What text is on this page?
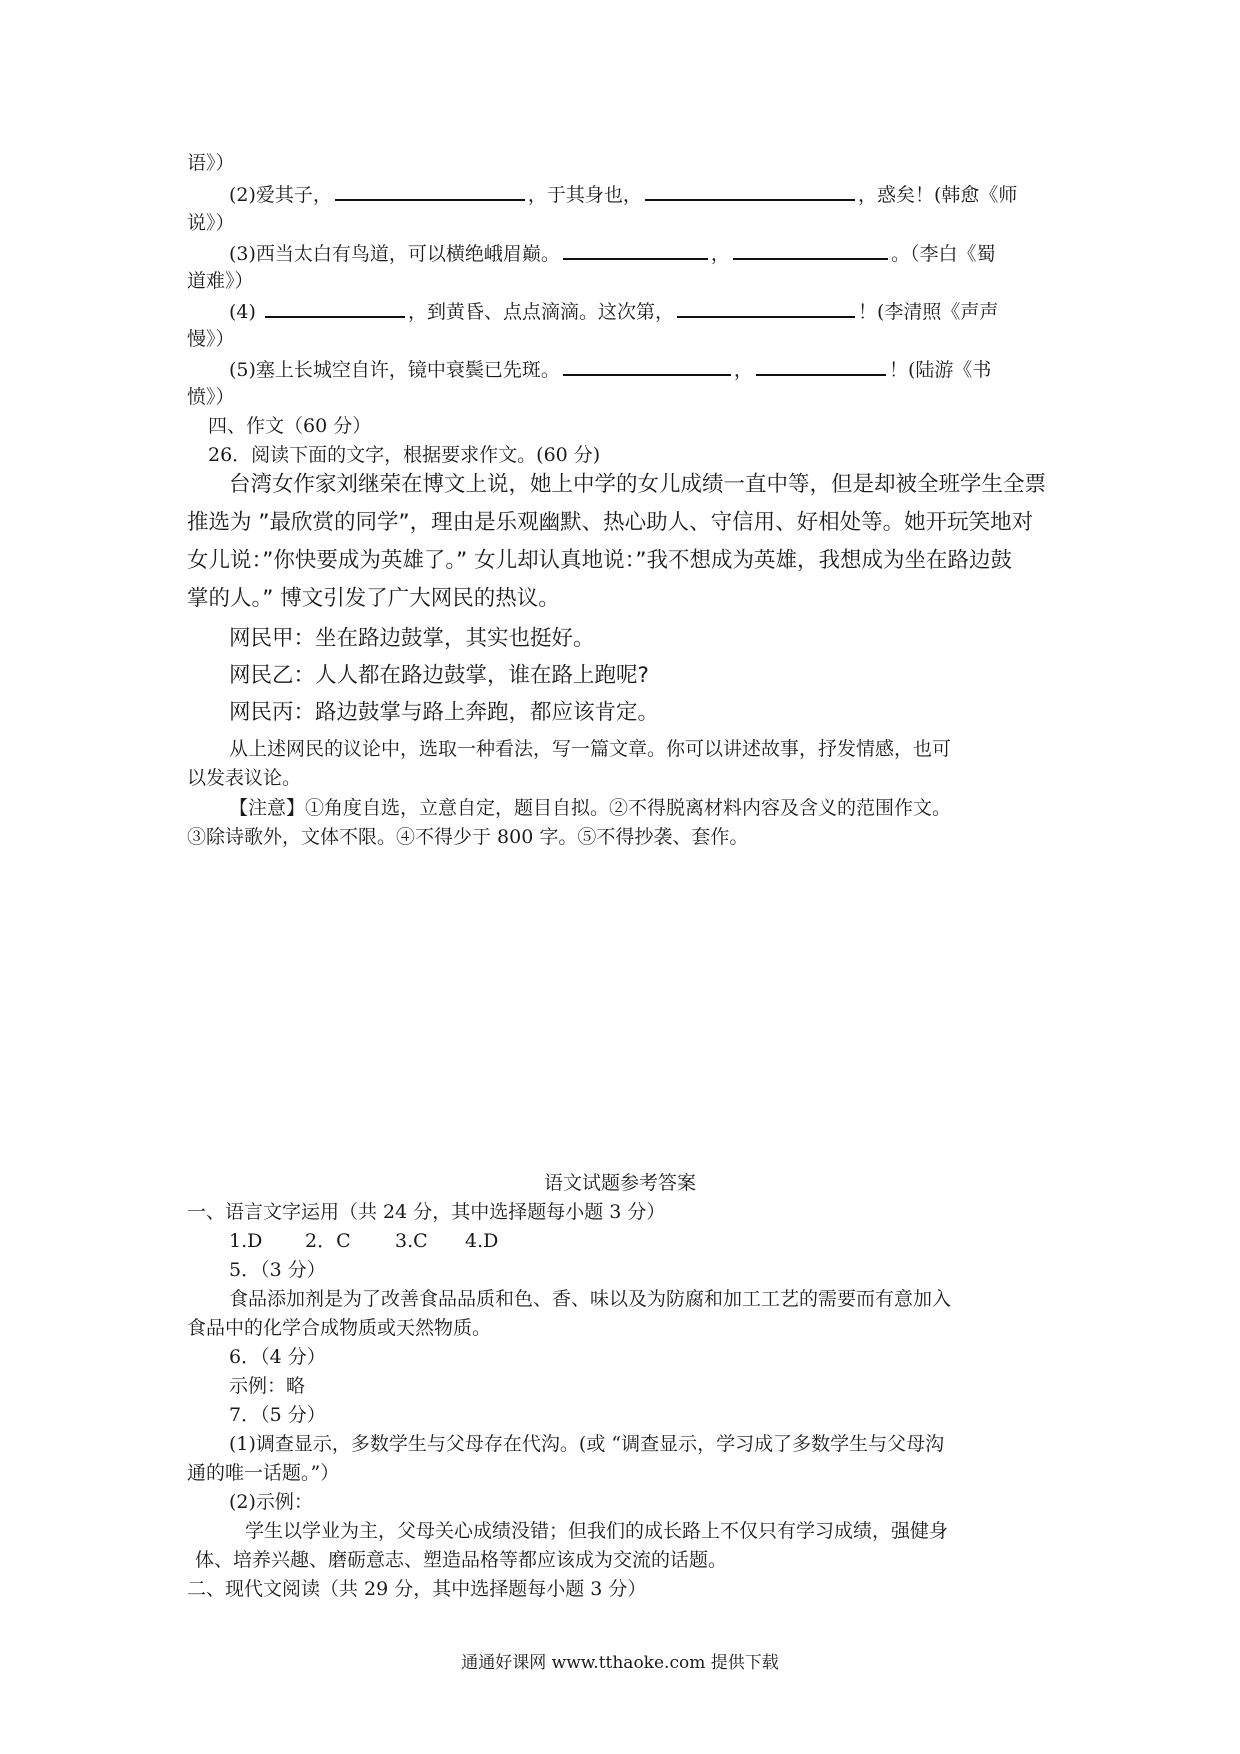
语》）
(2)爱其子，	，于其身也，	，惑矣！(韩愈《师
说》）
(3)西当太白有鸟道，可以横绝峨眉巅。	，	。（李白《蜀
道难》）
(4)	，到黄昏、点点滴滴。这次第，	！(李清照《声声
慢》）
(5)塞上长城空自许，镜中衰鬓已先斑。	，	！(陆游《书
愤》）
四、作文（60 分）
26．阅读下面的文字，根据要求作文。(60 分)
台湾女作家刘继荣在博文上说，她上中学的女儿成绩一直中等，但是却被全班学生全票
推选为 ”最欣赏的同学”，理由是乐观幽默、热心助人、守信用、好相处等。她开玩笑地对
女儿说：”你快要成为英雄了。” 女儿却认真地说：”我不想成为英雄，我想成为坐在路边鼓
掌的人。” 博文引发了广大网民的热议。
网民甲：坐在路边鼓掌，其实也挺好。
网民乙：人人都在路边鼓掌，谁在路上跑呢?
网民丙：路边鼓掌与路上奔跑，都应该肯定。
从上述网民的议论中，选取一种看法，写一篇文章。你可以讲述故事，抒发情感，也可
以发表议论。
【注意】①角度自选，立意自定，题目自拟。②不得脱离材料内容及含义的范围作文。
③除诗歌外，文体不限。④不得少于 800 字。⑤不得抄袭、套作。
语文试题参考答案
一、语言文字运用（共 24 分，其中选择题每小题 3 分）
1.D 2．C 3.C 4.D
5．（3 分）
食品添加剂是为了改善食品品质和色、香、味以及为防腐和加工工艺的需要而有意加入
食品中的化学合成物质或天然物质。
6．（4 分）
示例：略
7．（5 分）
(1)调查显示，多数学生与父母存在代沟。(或 “调查显示，学习成了多数学生与父母沟
通的唯一话题。”）
(2)示例：
学生以学业为主，父母关心成绩没错；但我们的成长路上不仅只有学习成绩，强健身
体、培养兴趣、磨砺意志、塑造品格等都应该成为交流的话题。
二、现代文阅读（共 29 分，其中选择题每小题 3 分）
通通好课网 www.tthaoke.com 提供下载
